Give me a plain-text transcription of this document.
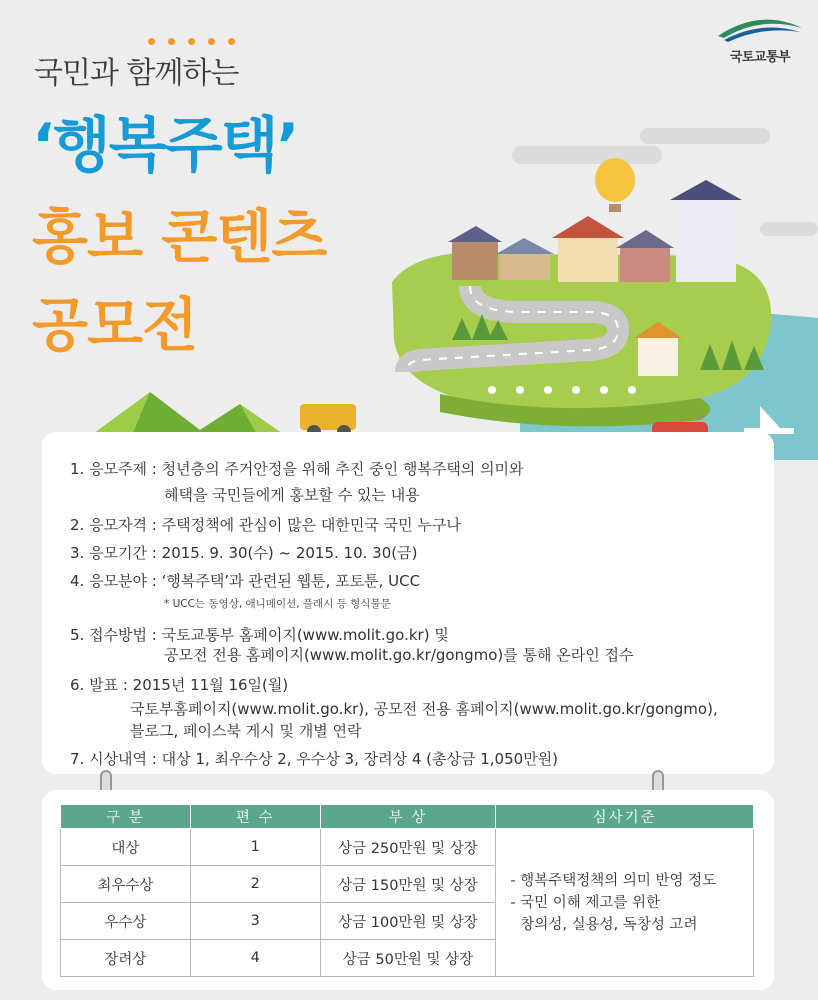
국토교통부
국민과 함께하는
‘행복주택’
홍보 콘텐츠
공모전
1. 응모주제 : 청년층의 주거안정을 위해 추진 중인 행복주택의 의미와
혜택을 국민들에게 홍보할 수 있는 내용
2. 응모자격 : 주택정책에 관심이 많은 대한민국 국민 누구나
3. 응모기간 : 2015. 9. 30(수) ~ 2015. 10. 30(금)
4. 응모분야 : ‘행복주택’과 관련된 웹툰, 포토툰, UCC
* UCC는 동영상, 애니메이션, 플래시 등 형식불문
5. 접수방법 : 국토교통부 홈페이지(www.molit.go.kr) 및
공모전 전용 홈페이지(www.molit.go.kr/gongmo)를 통해 온라인 접수
6. 발표 : 2015년 11월 16일(월)
국토부홈페이지(www.molit.go.kr), 공모전 전용 홈페이지(www.molit.go.kr/gongmo),
블로그, 페이스북 게시 및 개별 연락
7. 시상내역 : 대상 1, 최우수상 2, 우수상 3, 장려상 4 (총상금 1,050만원)
구 분	편 수	부 상	심사기준
대상	1	상금 250만원 및 상장	- 행복주택정책의 의미 반영 정도
- 국민 이해 제고를 위한
창의성, 실용성, 독창성 고려

최우수상	2	상금 150만원 및 상장	
우수상	3	상금 100만원 및 상장	
장려상	4	상금 50만원 및 상장	
